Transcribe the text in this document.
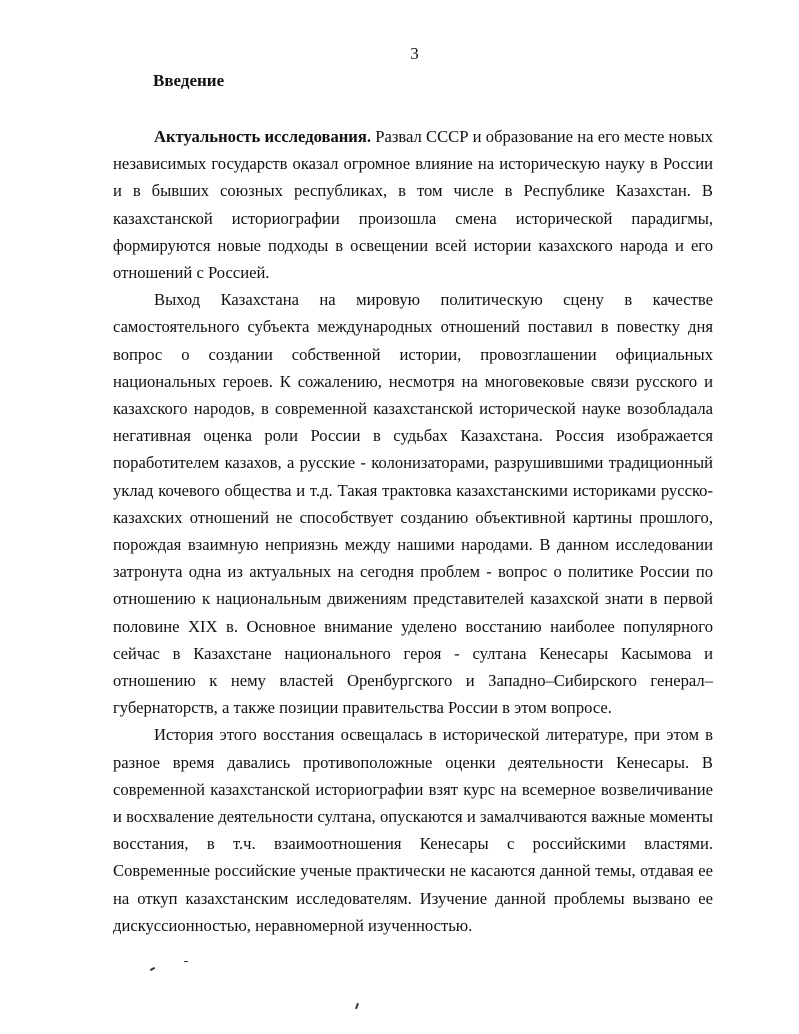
3
Введение

Актуальность исследования. Развал СССР и образование на его месте новых независимых государств оказал огромное влияние на историческую науку в России и в бывших союзных республиках, в том числе в Республике Казахстан. В казахстанской историографии произошла смена исторической парадигмы, формируются новые подходы в освещении всей истории казахского народа и его отношений с Россией.

Выход Казахстана на мировую политическую сцену в качестве самостоятельного субъекта международных отношений поставил в повестку дня вопрос о создании собственной истории, провозглашении официальных национальных героев. К сожалению, несмотря на многовековые связи русского и казахского народов, в современной казахстанской исторической науке возобладала негативная оценка роли России в судьбах Казахстана. Россия изображается поработителем казахов, а русские - колонизаторами, разрушившими традиционный уклад кочевого общества и т.д. Такая трактовка казахстанскими историками русско-казахских отношений не способствует созданию объективной картины прошлого, порождая взаимную неприязнь между нашими народами. В данном исследовании затронута одна из актуальных на сегодня проблем - вопрос о политике России по отношению к национальным движениям представителей казахской знати в первой половине XIX в. Основное внимание уделено восстанию наиболее популярного сейчас в Казахстане национального героя - султана Кенесары Касымова и отношению к нему властей Оренбургского и Западно–Сибирского генерал–губернаторств, а также позиции правительства России в этом вопросе.

История этого восстания освещалась в исторической литературе, при этом в разное время давались противоположные оценки деятельности Кенесары. В современной казахстанской историографии взят курс на всемерное возвеличивание и восхваление деятельности султана, опускаются и замалчиваются важные моменты восстания, в т.ч. взаимоотношения Кенесары с российскими властями. Современные российские ученые практически не касаются данной темы, отдавая ее на откуп казахстанским исследователям. Изучение данной проблемы вызвано ее дискуссионностью, неравномерной изученностью.
